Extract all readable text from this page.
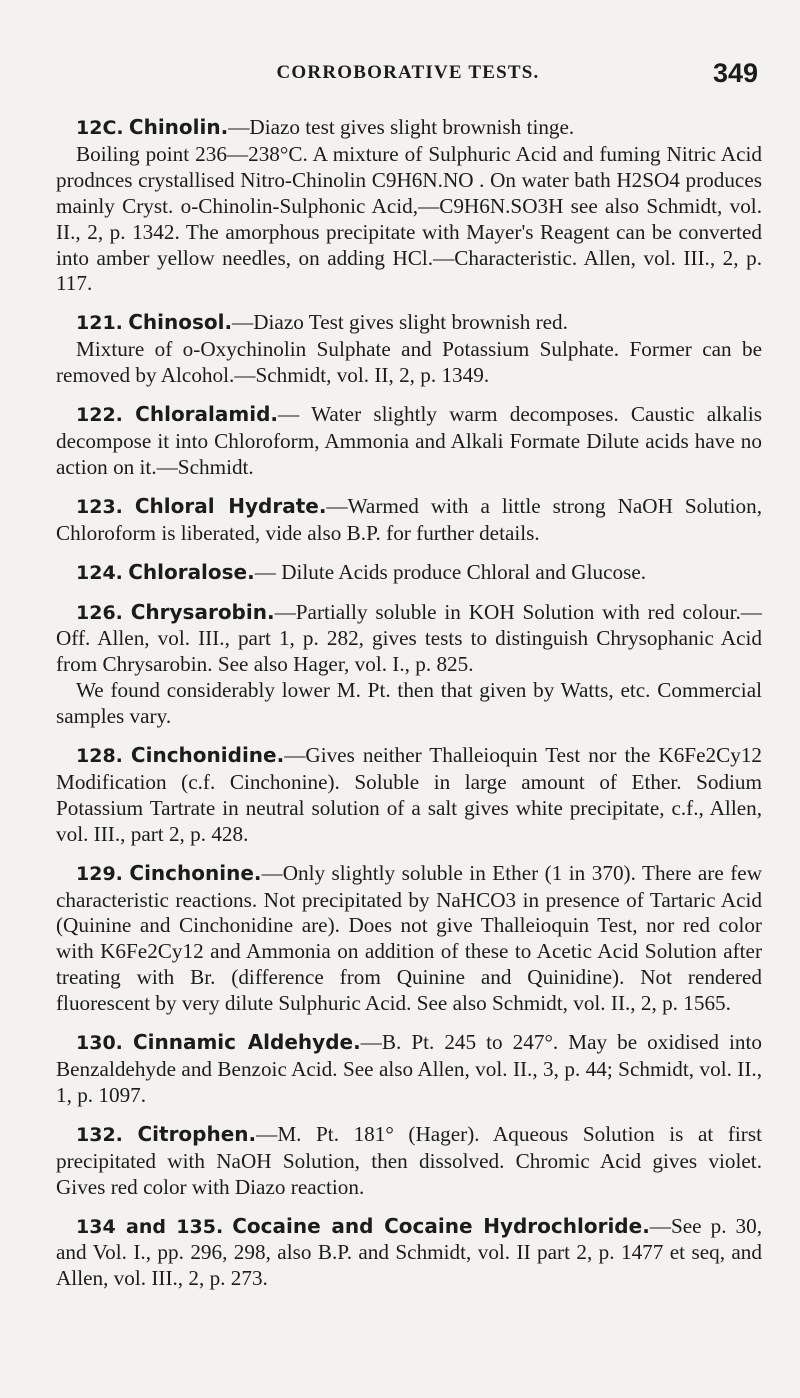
CORROBORATIVE TESTS.	349

12C. Chinolin.—Diazo test gives slight brownish tinge.

Boiling point 236—238°C. A mixture of Sulphuric Acid and fuming Nitric Acid prodnces crystallised Nitro-Chinolin C9H6N.NO . On water bath H2SO4 produces mainly Cryst. o-Chinolin-Sulphonic Acid,—C9H6N.SO3H see also Schmidt, vol. II., 2, p. 1342. The amorphous precipitate with Mayer's Reagent can be converted into amber yellow needles, on adding HCl.—Characteristic. Allen, vol. III., 2, p. 117.

121. Chinosol.—Diazo Test gives slight brownish red.

Mixture of o-Oxychinolin Sulphate and Potassium Sulphate. Former can be removed by Alcohol.—Schmidt, vol. II, 2, p. 1349.

122. Chloralamid.— Water slightly warm decomposes. Caustic alkalis decompose it into Chloroform, Ammonia and Alkali Formate Dilute acids have no action on it.—Schmidt.

123. Chloral Hydrate.—Warmed with a little strong NaOH Solution, Chloroform is liberated, vide also B.P. for further details.

124. Chloralose.— Dilute Acids produce Chloral and Glucose.

126. Chrysarobin.—Partially soluble in KOH Solution with red colour.—Off. Allen, vol. III., part 1, p. 282, gives tests to distinguish Chrysophanic Acid from Chrysarobin. See also Hager, vol. I., p. 825.

We found considerably lower M. Pt. then that given by Watts, etc. Commercial samples vary.

128. Cinchonidine.—Gives neither Thalleioquin Test nor the K6Fe2Cy12 Modification (c.f. Cinchonine). Soluble in large amount of Ether. Sodium Potassium Tartrate in neutral solution of a salt gives white precipitate, c.f., Allen, vol. III., part 2, p. 428.

129. Cinchonine.—Only slightly soluble in Ether (1 in 370). There are few characteristic reactions. Not precipitated by NaHCO3 in presence of Tartaric Acid (Quinine and Cinchonidine are). Does not give Thalleioquin Test, nor red color with K6Fe2Cy12 and Ammonia on addition of these to Acetic Acid Solution after treating with Br. (difference from Quinine and Quinidine). Not rendered fluorescent by very dilute Sulphuric Acid. See also Schmidt, vol. II., 2, p. 1565.

130. Cinnamic Aldehyde.—B. Pt. 245 to 247°. May be oxidised into Benzaldehyde and Benzoic Acid. See also Allen, vol. II., 3, p. 44; Schmidt, vol. II., 1, p. 1097.

132. Citrophen.—M. Pt. 181° (Hager). Aqueous Solution is at first precipitated with NaOH Solution, then dissolved. Chromic Acid gives violet. Gives red color with Diazo reaction.

134 and 135. Cocaine and Cocaine Hydrochloride.—See p. 30, and Vol. I., pp. 296, 298, also B.P. and Schmidt, vol. II part 2, p. 1477 et seq, and Allen, vol. III., 2, p. 273.
